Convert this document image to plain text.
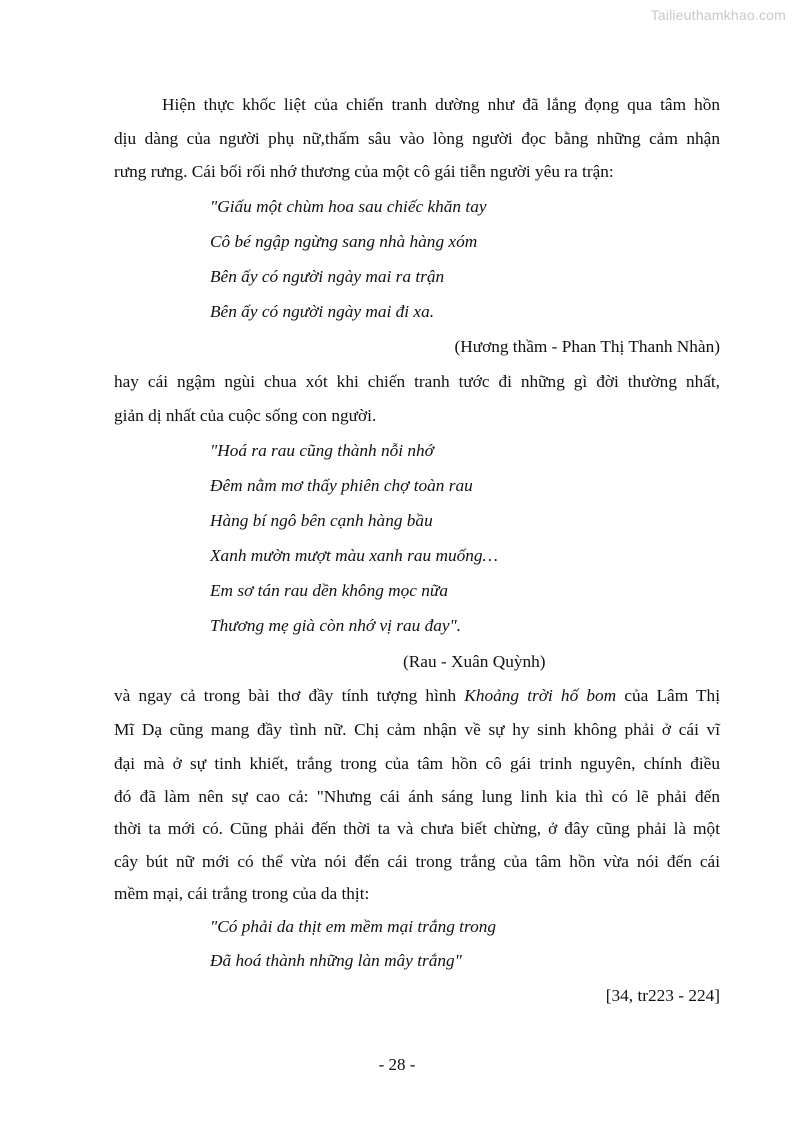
Tailieuthamkhao.com
Hiện thực khốc liệt của chiến tranh dường như đã lắng đọng qua tâm hồn
dịu dàng của người phụ nữ,thấm sâu vào lòng người đọc bằng những cảm nhận
rưng rưng. Cái bối rối nhớ thương của một cô gái tiễn người yêu ra trận:
"Giấu một chùm hoa sau chiếc khăn tay
Cô bé ngập ngừng sang nhà hàng xóm
Bên ấy có người ngày mai ra trận
Bên ấy có người ngày mai đi xa.
(Hương thầm - Phan Thị Thanh Nhàn)
hay cái ngậm ngùi chua xót khi chiến tranh tước đi những gì đời thường nhất,
giản dị nhất của cuộc sống con người.
"Hoá ra rau cũng thành nỗi nhớ
Đêm nằm mơ thấy phiên chợ toàn rau
Hàng bí ngô bên cạnh hàng bầu
Xanh mườn mượt màu xanh rau muống…
Em sơ tán rau dền không mọc nữa
Thương mẹ già còn nhớ vị rau đay".
(Rau - Xuân Quỳnh)
và ngay cả trong bài thơ đầy tính tượng hình Khoảng trời hố bom của Lâm Thị
Mĩ Dạ cũng mang đầy tình nữ. Chị cảm nhận về sự hy sinh không phải ở cái vĩ
đại mà ở sự tinh khiết, trắng trong của tâm hồn cô gái trinh nguyên, chính điều
đó đã làm nên sự cao cả: "Nhưng cái ánh sáng lung linh kia thì có lẽ phải đến
thời ta mới có. Cũng phải đến thời ta và chưa biết chừng, ở đây cũng phải là một
cây bút nữ mới có thể vừa nói đến cái trong trắng của tâm hồn vừa nói đến cái
mềm mại, cái trắng trong của da thịt:
"Có phải da thịt em mềm mại trắng trong
Đã hoá thành những làn mây trắng"
[34, tr223 - 224]
- 28 -
